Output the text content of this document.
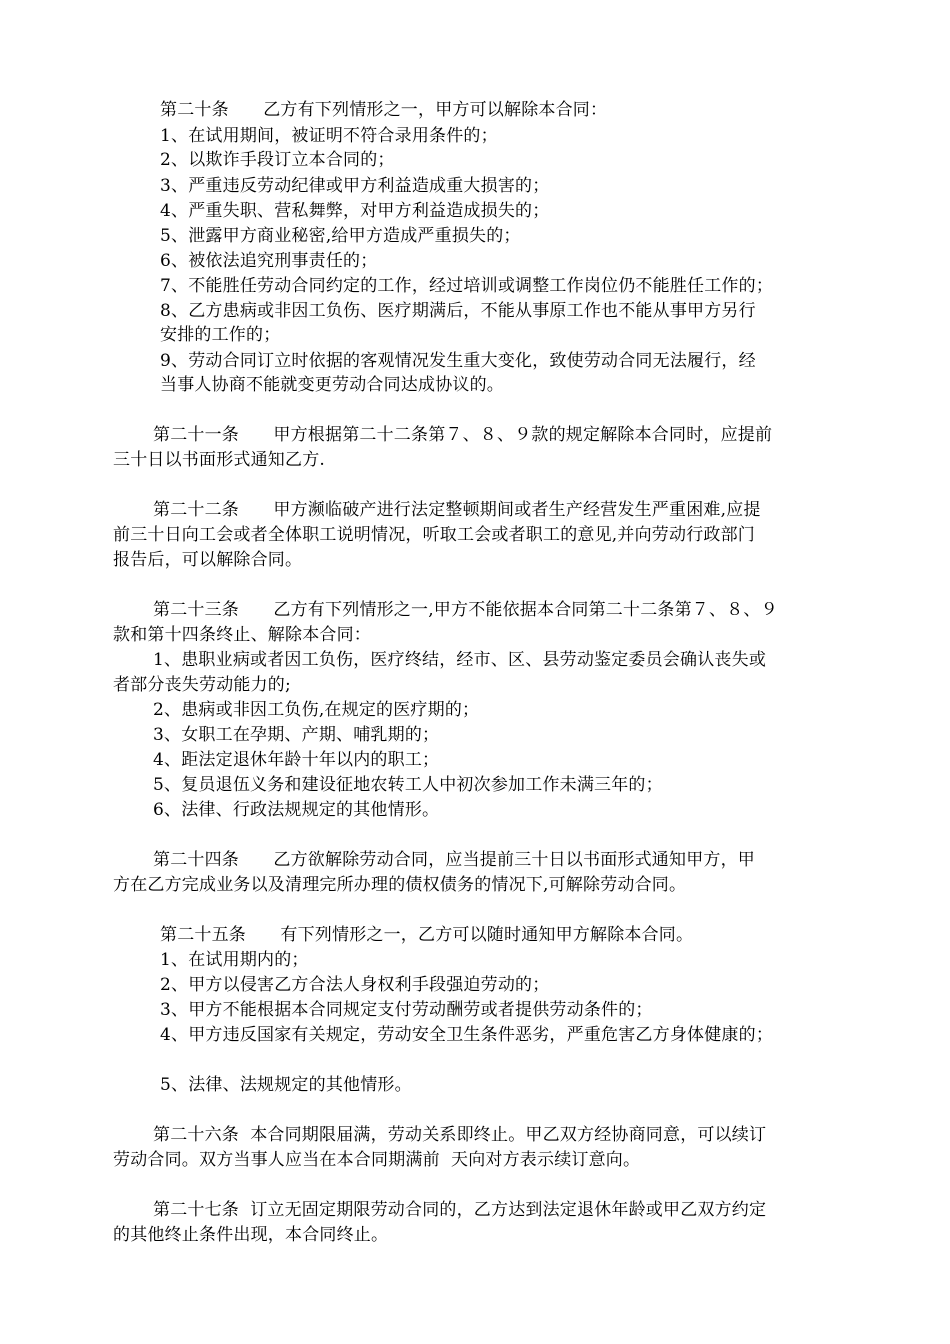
第二十条　　乙方有下列情形之一，甲方可以解除本合同：
1、在试用期间，被证明不符合录用条件的；
2、以欺诈手段订立本合同的；
3、严重违反劳动纪律或甲方利益造成重大损害的；
4、严重失职、营私舞弊，对甲方利益造成损失的；
5、泄露甲方商业秘密,给甲方造成严重损失的；
6、被依法追究刑事责任的；
7、不能胜任劳动合同约定的工作，经过培训或调整工作岗位仍不能胜任工作的；
8、乙方患病或非因工负伤、医疗期满后，不能从事原工作也不能从事甲方另行
安排的工作的；
9、劳动合同订立时依据的客观情况发生重大变化，致使劳动合同无法履行，经
当事人协商不能就变更劳动合同达成协议的。
第二十一条　　甲方根据第二十二条第７、８、９款的规定解除本合同时，应提前
三十日以书面形式通知乙方.
第二十二条　　甲方濒临破产进行法定整顿期间或者生产经营发生严重困难,应提
前三十日向工会或者全体职工说明情况，听取工会或者职工的意见,并向劳动行政部门
报告后，可以解除合同。
第二十三条　　乙方有下列情形之一,甲方不能依据本合同第二十二条第７、８、９
款和第十四条终止、解除本合同：
1、患职业病或者因工负伤，医疗终结，经市、区、县劳动鉴定委员会确认丧失或
者部分丧失劳动能力的;
2、患病或非因工负伤,在规定的医疗期的；
3、女职工在孕期、产期、哺乳期的；
4、距法定退休年龄十年以内的职工；
5、复员退伍义务和建设征地农转工人中初次参加工作未满三年的；
6、法律、行政法规规定的其他情形。
第二十四条　　乙方欲解除劳动合同，应当提前三十日以书面形式通知甲方，甲
方在乙方完成业务以及清理完所办理的债权债务的情况下,可解除劳动合同。
第二十五条　　有下列情形之一，乙方可以随时通知甲方解除本合同。
1、在试用期内的；
2、甲方以侵害乙方合法人身权利手段强迫劳动的；
3、甲方不能根据本合同规定支付劳动酬劳或者提供劳动条件的；
4、甲方违反国家有关规定，劳动安全卫生条件恶劣，严重危害乙方身体健康的；
5、法律、法规规定的其他情形。
第二十六条  本合同期限届满，劳动关系即终止。甲乙双方经协商同意，可以续订
劳动合同。双方当事人应当在本合同期满前  天向对方表示续订意向。
第二十七条  订立无固定期限劳动合同的，乙方达到法定退休年龄或甲乙双方约定
的其他终止条件出现，本合同终止。
